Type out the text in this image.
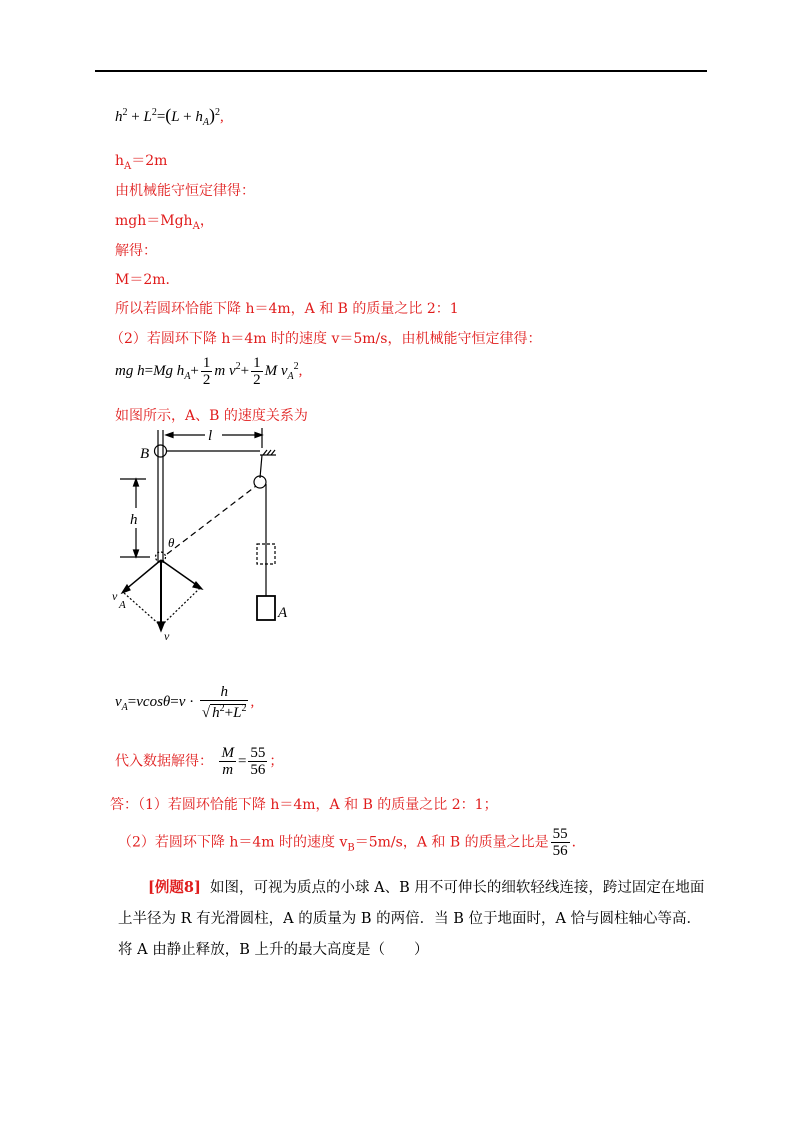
$h^2 + L^2=(L + h_A)^2$,
$h_A=2m$
由机械能守恒定律得：
mgh＝Mgh$_A$，
解得：
M＝2m．
所以若圆环恰能下降 h＝4m，A 和 B 的质量之比 2：1
（2）若圆环下降 h＝4m 时的速度 v＝5m/s，由机械能守恒定律得：
mg h=Mg $h_A+ \frac{1}{2}$ m $v^2+ \frac{1}{2}$ M $v_A^2$,
如图所示，A、B 的速度关系为
l
B
h
θ
v
A
v
A
$v_A=vcos\theta=v \cdot \frac{h}{√ h^2+L^2}$ ,
代入数据解得： $\frac{M}{m} = \frac{55}{56}$ ；
答：（1）若圆环恰能下降 h＝4m，A 和 B 的质量之比 2：1；
（2）若圆环下降 h＝4m 时的速度 $v_B=5m/s$，A 和 B 的质量之比是 $\frac{55}{56}$ ．
[例题8] 如图，可视为质点的小球 A、B 用不可伸长的细软轻线连接，跨过固定在地面上半径为 R 有光滑圆柱，A 的质量为 B 的两倍．当 B 位于地面时，A 恰与圆柱轴心等高．将 A 由静止释放，B 上升的最大高度是（　　）
